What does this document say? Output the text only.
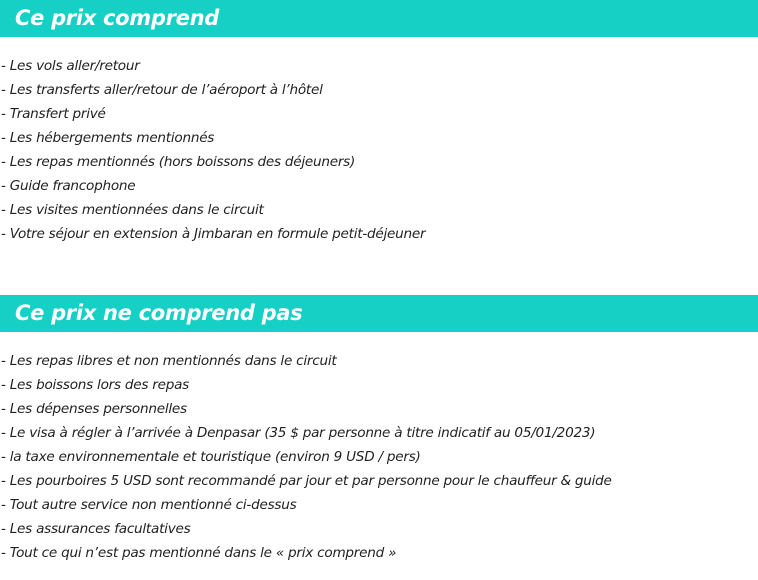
Ce prix comprend
- Les vols aller/retour
- Les transferts aller/retour de l’aéroport à l’hôtel
- Transfert privé
- Les hébergements mentionnés
- Les repas mentionnés (hors boissons des déjeuners)
- Guide francophone
- Les visites mentionnées dans le circuit
- Votre séjour en extension à Jimbaran en formule petit-déjeuner
Ce prix ne comprend pas
- Les repas libres et non mentionnés dans le circuit
- Les boissons lors des repas
- Les dépenses personnelles
- Le visa à régler à l’arrivée à Denpasar (35 $ par personne à titre indicatif au 05/01/2023)
- la taxe environnementale et touristique (environ 9 USD / pers)
- Les pourboires 5 USD sont recommandé par jour et par personne pour le chauffeur & guide
- Tout autre service non mentionné ci-dessus
- Les assurances facultatives
- Tout ce qui n’est pas mentionné dans le « prix comprend »
